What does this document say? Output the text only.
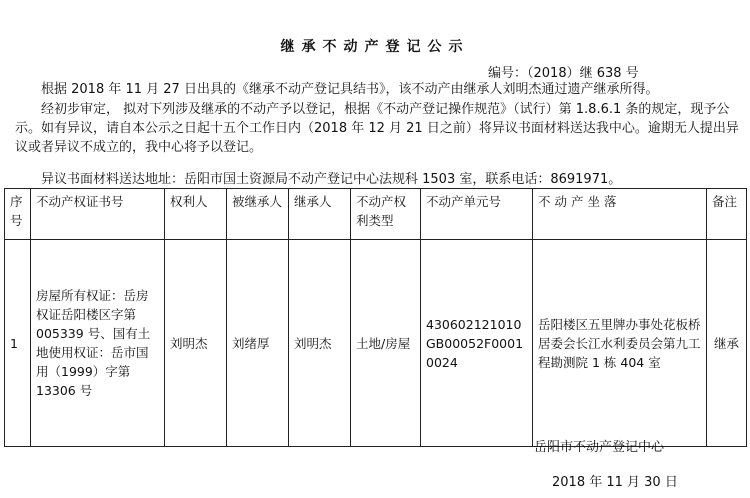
继承不动产登记公示
编号：（2018）继 638 号
根据 2018 年 11 月 27 日出具的《继承不动产登记具结书》，该不动产由继承人刘明杰通过遗产继承所得。
经初步审定， 拟对下列涉及继承的不动产予以登记，根据《不动产登记操作规范》（试行）第 1.8.6.1 条的规定，现予公示。如有异议，请自本公示之日起十五个工作日内（2018 年 12 月 21 日之前）将异议书面材料送达我中心。逾期无人提出异议或者异议不成立的，我中心将予以登记。
异议书面材料送达地址：岳阳市国土资源局不动产登记中心法规科 1503 室，联系电话：8691971。
序号	不动产权证书号	权利人	被继承人	继承人	不动产权利类型	不动产单元号	不动产坐落	备注
1	房屋所有权证：岳房权证岳阳楼区字第 005339 号、国有土地使用权证：岳市国用（1999）字第 13306 号	刘明杰	刘绪厚	刘明杰	土地/房屋	430602121010GB00052F00010024	岳阳楼区五里牌办事处花板桥居委会长江水利委员会第九工程勘测院 1 栋 404 室	继承
岳阳市不动产登记中心
2018 年 11 月 30 日
